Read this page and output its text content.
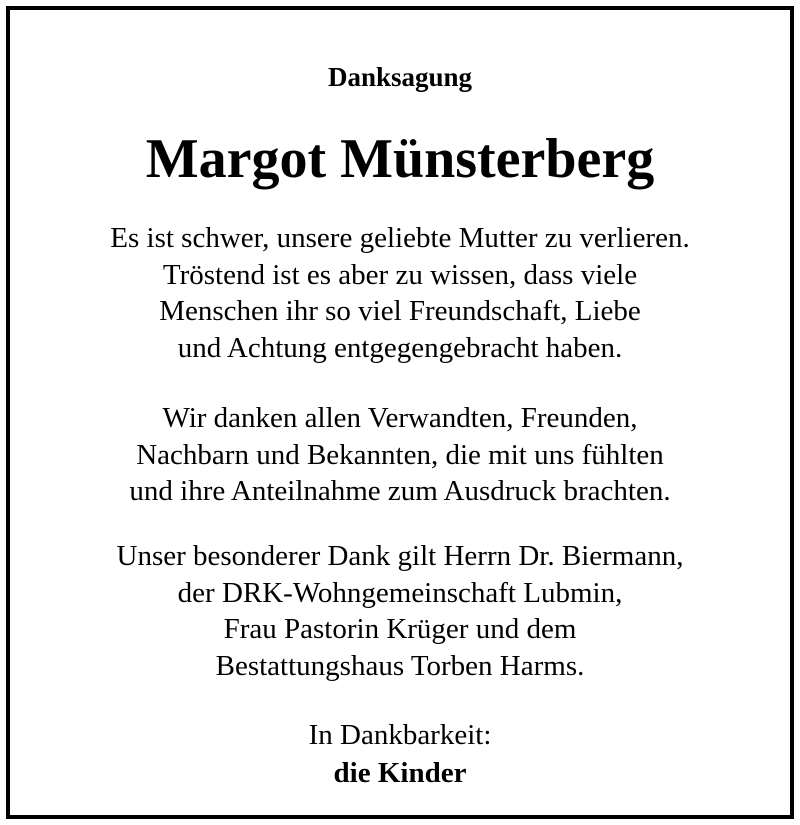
Danksagung
Margot Münsterberg
Es ist schwer, unsere geliebte Mutter zu verlieren.
Tröstend ist es aber zu wissen, dass viele
Menschen ihr so viel Freundschaft, Liebe
und Achtung entgegengebracht haben.
Wir danken allen Verwandten, Freunden,
Nachbarn und Bekannten, die mit uns fühlten
und ihre Anteilnahme zum Ausdruck brachten.
Unser besonderer Dank gilt Herrn Dr. Biermann,
der DRK-Wohngemeinschaft Lubmin,
Frau Pastorin Krüger und dem
Bestattungshaus Torben Harms.
In Dankbarkeit:
die Kinder
